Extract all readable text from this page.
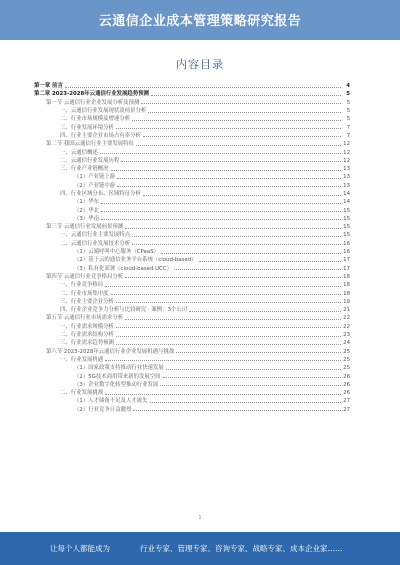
云通信企业成本管理策略研究报告
内容目录
第一章 前言	4
第二章 2023-2028年云通信行业发展趋势预测	5
第一节 云通信行业企业发展分析及预测	5
一、云通信行业发展现状及前景分析	5
二、行业市场规模及增速分析	5
三、行业发展环境分析	7
四、行业主要企业市场占有率分析	7
第二节 我国云通信行业主要发展特征	12
一、云通信概述	12
二、云通信行业发展历程	12
三、行业产业链概况	13
（1）产业链上游	13
（2）产业链中游	13
四、行业区域分布、区域特征分析	14
（1）华东	14
（2）华北	15
（3）华南	15
第三节 云通信行业发展前景预测	15
一、云通信行业主要发展特点	15
二、云通信行业发展技术分析	16
（1）云端呼叫中心服务（CPaaS）	16
（2）基于云的通信业务平台系统（cloud-based）	17
（3）私有化部署（cloud-based UCC）	17
第四节 云通信行业竞争格局分析	18
一、行业竞争格局	18
二、行业市场集中度	18
三、行业主要企业分析	19
四、行业企业竞争力分析与比较研究 · 案例：3个公司	21
第五节 云通信行业市场需求分析	22
一、行业需求规模分析	22
二、行业需求结构分析	23
三、行业需求趋势预测	24
第六节 2023-2028年云通信行业企业发展机遇与挑战	25
一、行业发展机遇	25
（1）国家政策支持推动行业快速发展	25
（2）5G技术商用带来新的发展空间	26
（3）企业数字化转型推动行业发展	26
二、行业发展挑战	26
（1）人才储备不足及人才流失	27
（2）行业竞争日益激烈	27
1
让每个人都能成为	行业专家、管理专家、咨询专家、战略专家、成本企业家……
